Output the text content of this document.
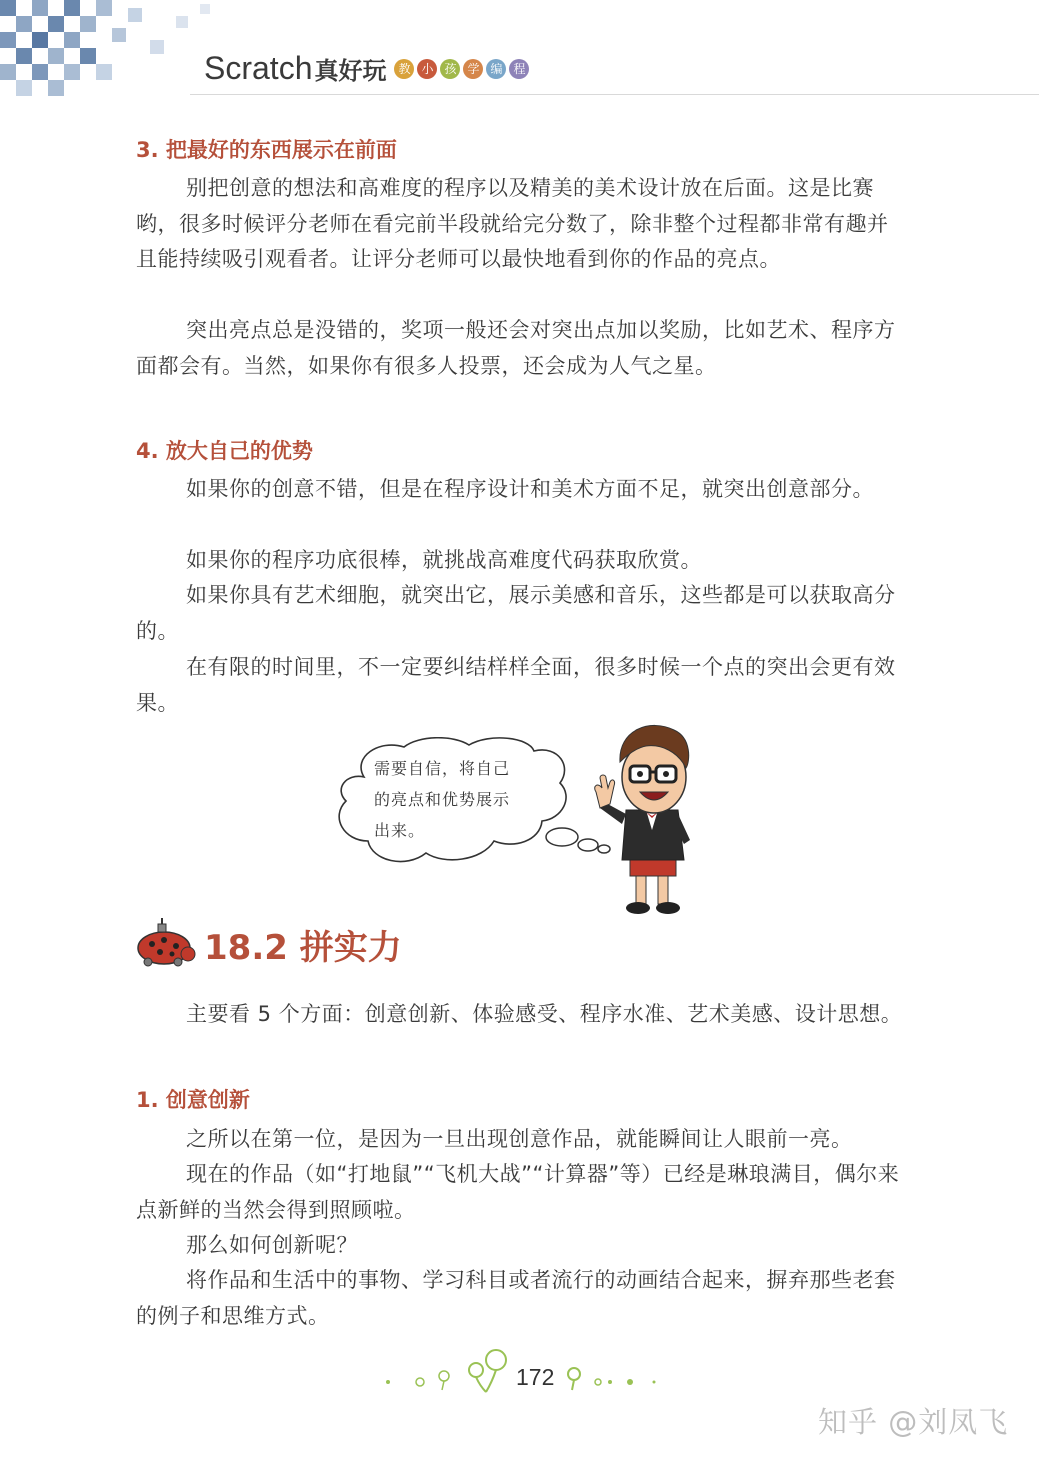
Scratch 真好玩 教 小 孩 学 编 程
3. 把最好的东西展示在前面
别把创意的想法和高难度的程序以及精美的美术设计放在后面。这是比赛哟，很多时候评分老师在看完前半段就给完分数了，除非整个过程都非常有趣并且能持续吸引观看者。让评分老师可以最快地看到你的作品的亮点。
突出亮点总是没错的，奖项一般还会对突出点加以奖励，比如艺术、程序方面都会有。当然，如果你有很多人投票，还会成为人气之星。
4. 放大自己的优势
如果你的创意不错，但是在程序设计和美术方面不足，就突出创意部分。
如果你的程序功底很棒，就挑战高难度代码获取欣赏。
如果你具有艺术细胞，就突出它，展示美感和音乐，这些都是可以获取高分的。
在有限的时间里，不一定要纠结样样全面，很多时候一个点的突出会更有效果。
需要自信，将自己
的亮点和优势展示
出来。
18.2 拼实力
主要看 5 个方面：创意创新、体验感受、程序水准、艺术美感、设计思想。
1. 创意创新
之所以在第一位，是因为一旦出现创意作品，就能瞬间让人眼前一亮。
现在的作品（如“打地鼠”“飞机大战”“计算器”等）已经是琳琅满目，偶尔来点新鲜的当然会得到照顾啦。
那么如何创新呢？
将作品和生活中的事物、学习科目或者流行的动画结合起来，摒弃那些老套的例子和思维方式。
172
知乎 @刘凤飞
